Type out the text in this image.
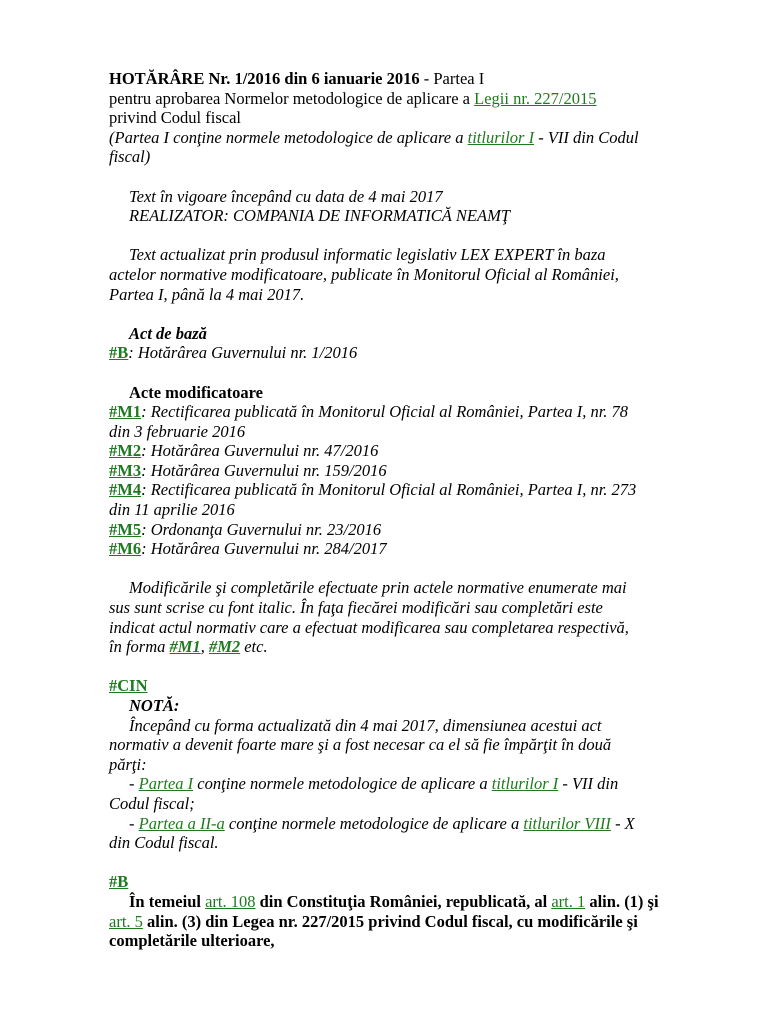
HOTĂRÂRE Nr. 1/2016 din 6 ianuarie 2016 - Partea I
pentru aprobarea Normelor metodologice de aplicare a Legii nr. 227/2015
privind Codul fiscal
(Partea I conţine normele metodologice de aplicare a titlurilor I - VII din Codul
fiscal)
Text în vigoare începând cu data de 4 mai 2017
REALIZATOR: COMPANIA DE INFORMATICĂ NEAMŢ
Text actualizat prin produsul informatic legislativ LEX EXPERT în baza
actelor normative modificatoare, publicate în Monitorul Oficial al României,
Partea I, până la 4 mai 2017.
Act de bază
#B: Hotărârea Guvernului nr. 1/2016
Acte modificatoare
#M1: Rectificarea publicată în Monitorul Oficial al României, Partea I, nr. 78
din 3 februarie 2016
#M2: Hotărârea Guvernului nr. 47/2016
#M3: Hotărârea Guvernului nr. 159/2016
#M4: Rectificarea publicată în Monitorul Oficial al României, Partea I, nr. 273
din 11 aprilie 2016
#M5: Ordonanţa Guvernului nr. 23/2016
#M6: Hotărârea Guvernului nr. 284/2017
Modificările şi completările efectuate prin actele normative enumerate mai
sus sunt scrise cu font italic. În faţa fiecărei modificări sau completări este
indicat actul normativ care a efectuat modificarea sau completarea respectivă,
în forma #M1, #M2 etc.
#CIN
NOTĂ:
Începând cu forma actualizată din 4 mai 2017, dimensiunea acestui act
normativ a devenit foarte mare şi a fost necesar ca el să fie împărţit în două
părţi:
- Partea I conţine normele metodologice de aplicare a titlurilor I - VII din
Codul fiscal;
- Partea a II-a conţine normele metodologice de aplicare a titlurilor VIII - X
din Codul fiscal.
#B
În temeiul art. 108 din Constituţia României, republicată, al art. 1 alin. (1) şi
art. 5 alin. (3) din Legea nr. 227/2015 privind Codul fiscal, cu modificările şi
completările ulterioare,
